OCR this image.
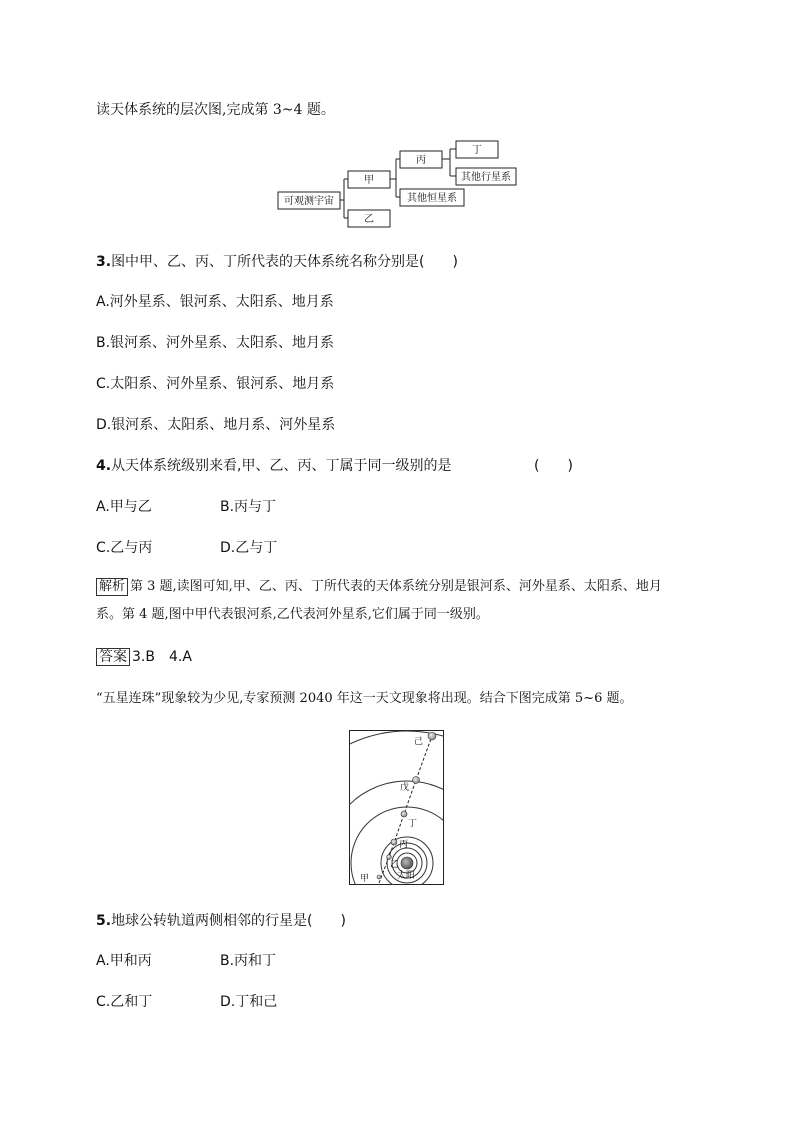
读天体系统的层次图,完成第 3~4 题。
可观测宇宙
甲
乙
丙
其他恒星系
丁
其他行星系
3.图中甲、乙、丙、丁所代表的天体系统名称分别是(　　)
A.河外星系、银河系、太阳系、地月系
B.银河系、河外星系、太阳系、地月系
C.太阳系、河外星系、银河系、地月系
D.银河系、太阳系、地月系、河外星系
4.从天体系统级别来看,甲、乙、丙、丁属于同一级别的是	(　　)
A.甲与乙	B.丙与丁
C.乙与丙	D.乙与丁
解析 第 3 题,读图可知,甲、乙、丙、丁所代表的天体系统分别是银河系、河外星系、太阳系、地月
系。第 4 题,图中甲代表银河系,乙代表河外星系,它们属于同一级别。
答案 3.B　4.A
“五星连珠”现象较为少见,专家预测 2040 年这一天文现象将出现。结合下图完成第 5~6 题。
太阳
甲
乙
丙
丁
戊
己
5.地球公转轨道两侧相邻的行星是(　　)
A.甲和丙	B.丙和丁
C.乙和丁	D.丁和己
